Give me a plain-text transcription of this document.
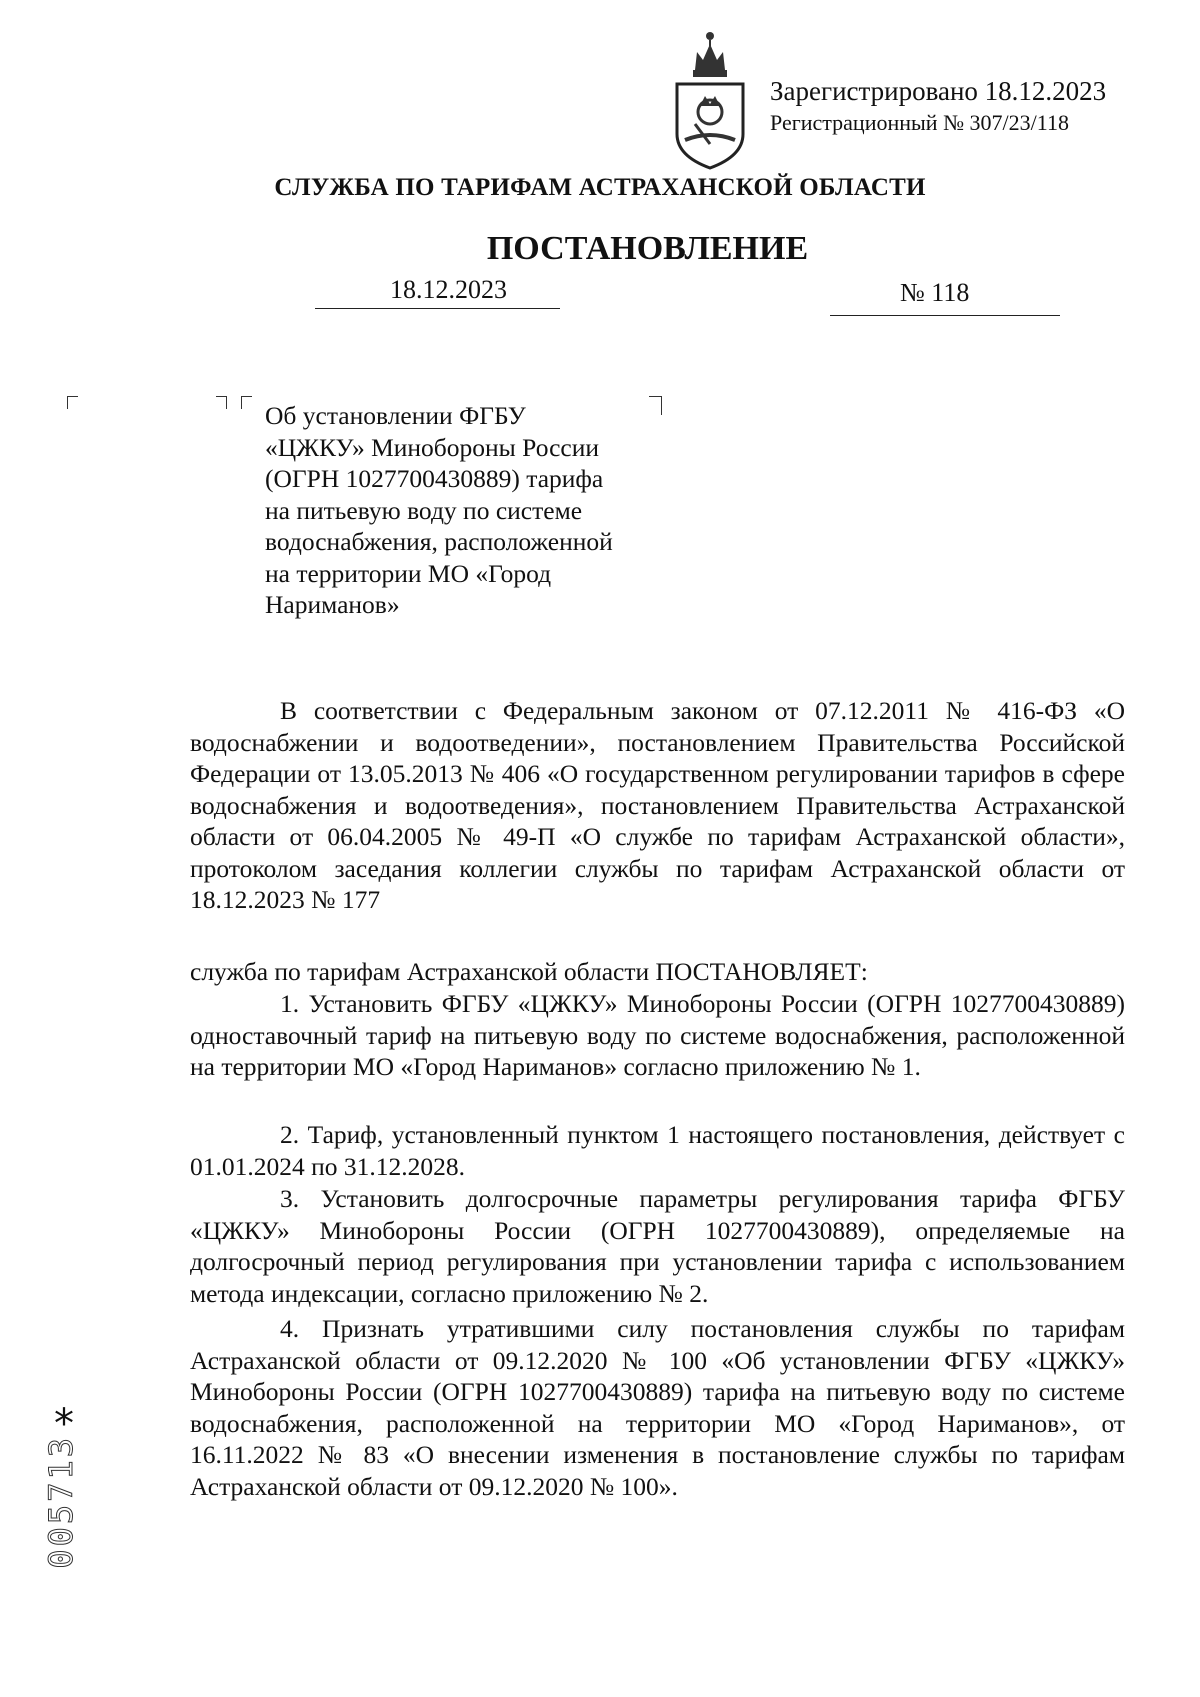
Зарегистрировано 18.12.2023
Регистрационный № 307/23/118
СЛУЖБА ПО ТАРИФАМ АСТРАХАНСКОЙ ОБЛАСТИ
ПОСТАНОВЛЕНИЕ
18.12.2023	№ 118
Об установлении ФГБУ
«ЦЖКУ» Минобороны России
(ОГРН 1027700430889) тарифа
на питьевую воду по системе
водоснабжения, расположенной
на территории МО «Город
Нариманов»
В соответствии с Федеральным законом от 07.12.2011 № 416-ФЗ «О водоснабжении и водоотведении», постановлением Правительства Российской Федерации от 13.05.2013 № 406 «О государственном регулировании тарифов в сфере водоснабжения и водоотведения», постановлением Правительства Астраханской области от 06.04.2005 № 49-П «О службе по тарифам Астраханской области», протоколом заседания коллегии службы по тарифам Астраханской области от 18.12.2023 № 177
служба по тарифам Астраханской области ПОСТАНОВЛЯЕТ:
1. Установить ФГБУ «ЦЖКУ» Минобороны России (ОГРН 1027700430889) одноставочный тариф на питьевую воду по системе водоснабжения, расположенной на территории МО «Город Нариманов» согласно приложению № 1.
2. Тариф, установленный пунктом 1 настоящего постановления, действует с 01.01.2024 по 31.12.2028.
3. Установить долгосрочные параметры регулирования тарифа ФГБУ «ЦЖКУ» Минобороны России (ОГРН 1027700430889), определяемые на долгосрочный период регулирования при установлении тарифа с использованием метода индексации, согласно приложению № 2.
4. Признать утратившими силу постановления службы по тарифам Астраханской области от 09.12.2020 № 100 «Об установлении ФГБУ «ЦЖКУ» Минобороны России (ОГРН 1027700430889) тарифа на питьевую воду по системе водоснабжения, расположенной на территории МО «Город Нариманов», от 16.11.2022 № 83 «О внесении изменения в постановление службы по тарифам Астраханской области от 09.12.2020 № 100».
*
005713
